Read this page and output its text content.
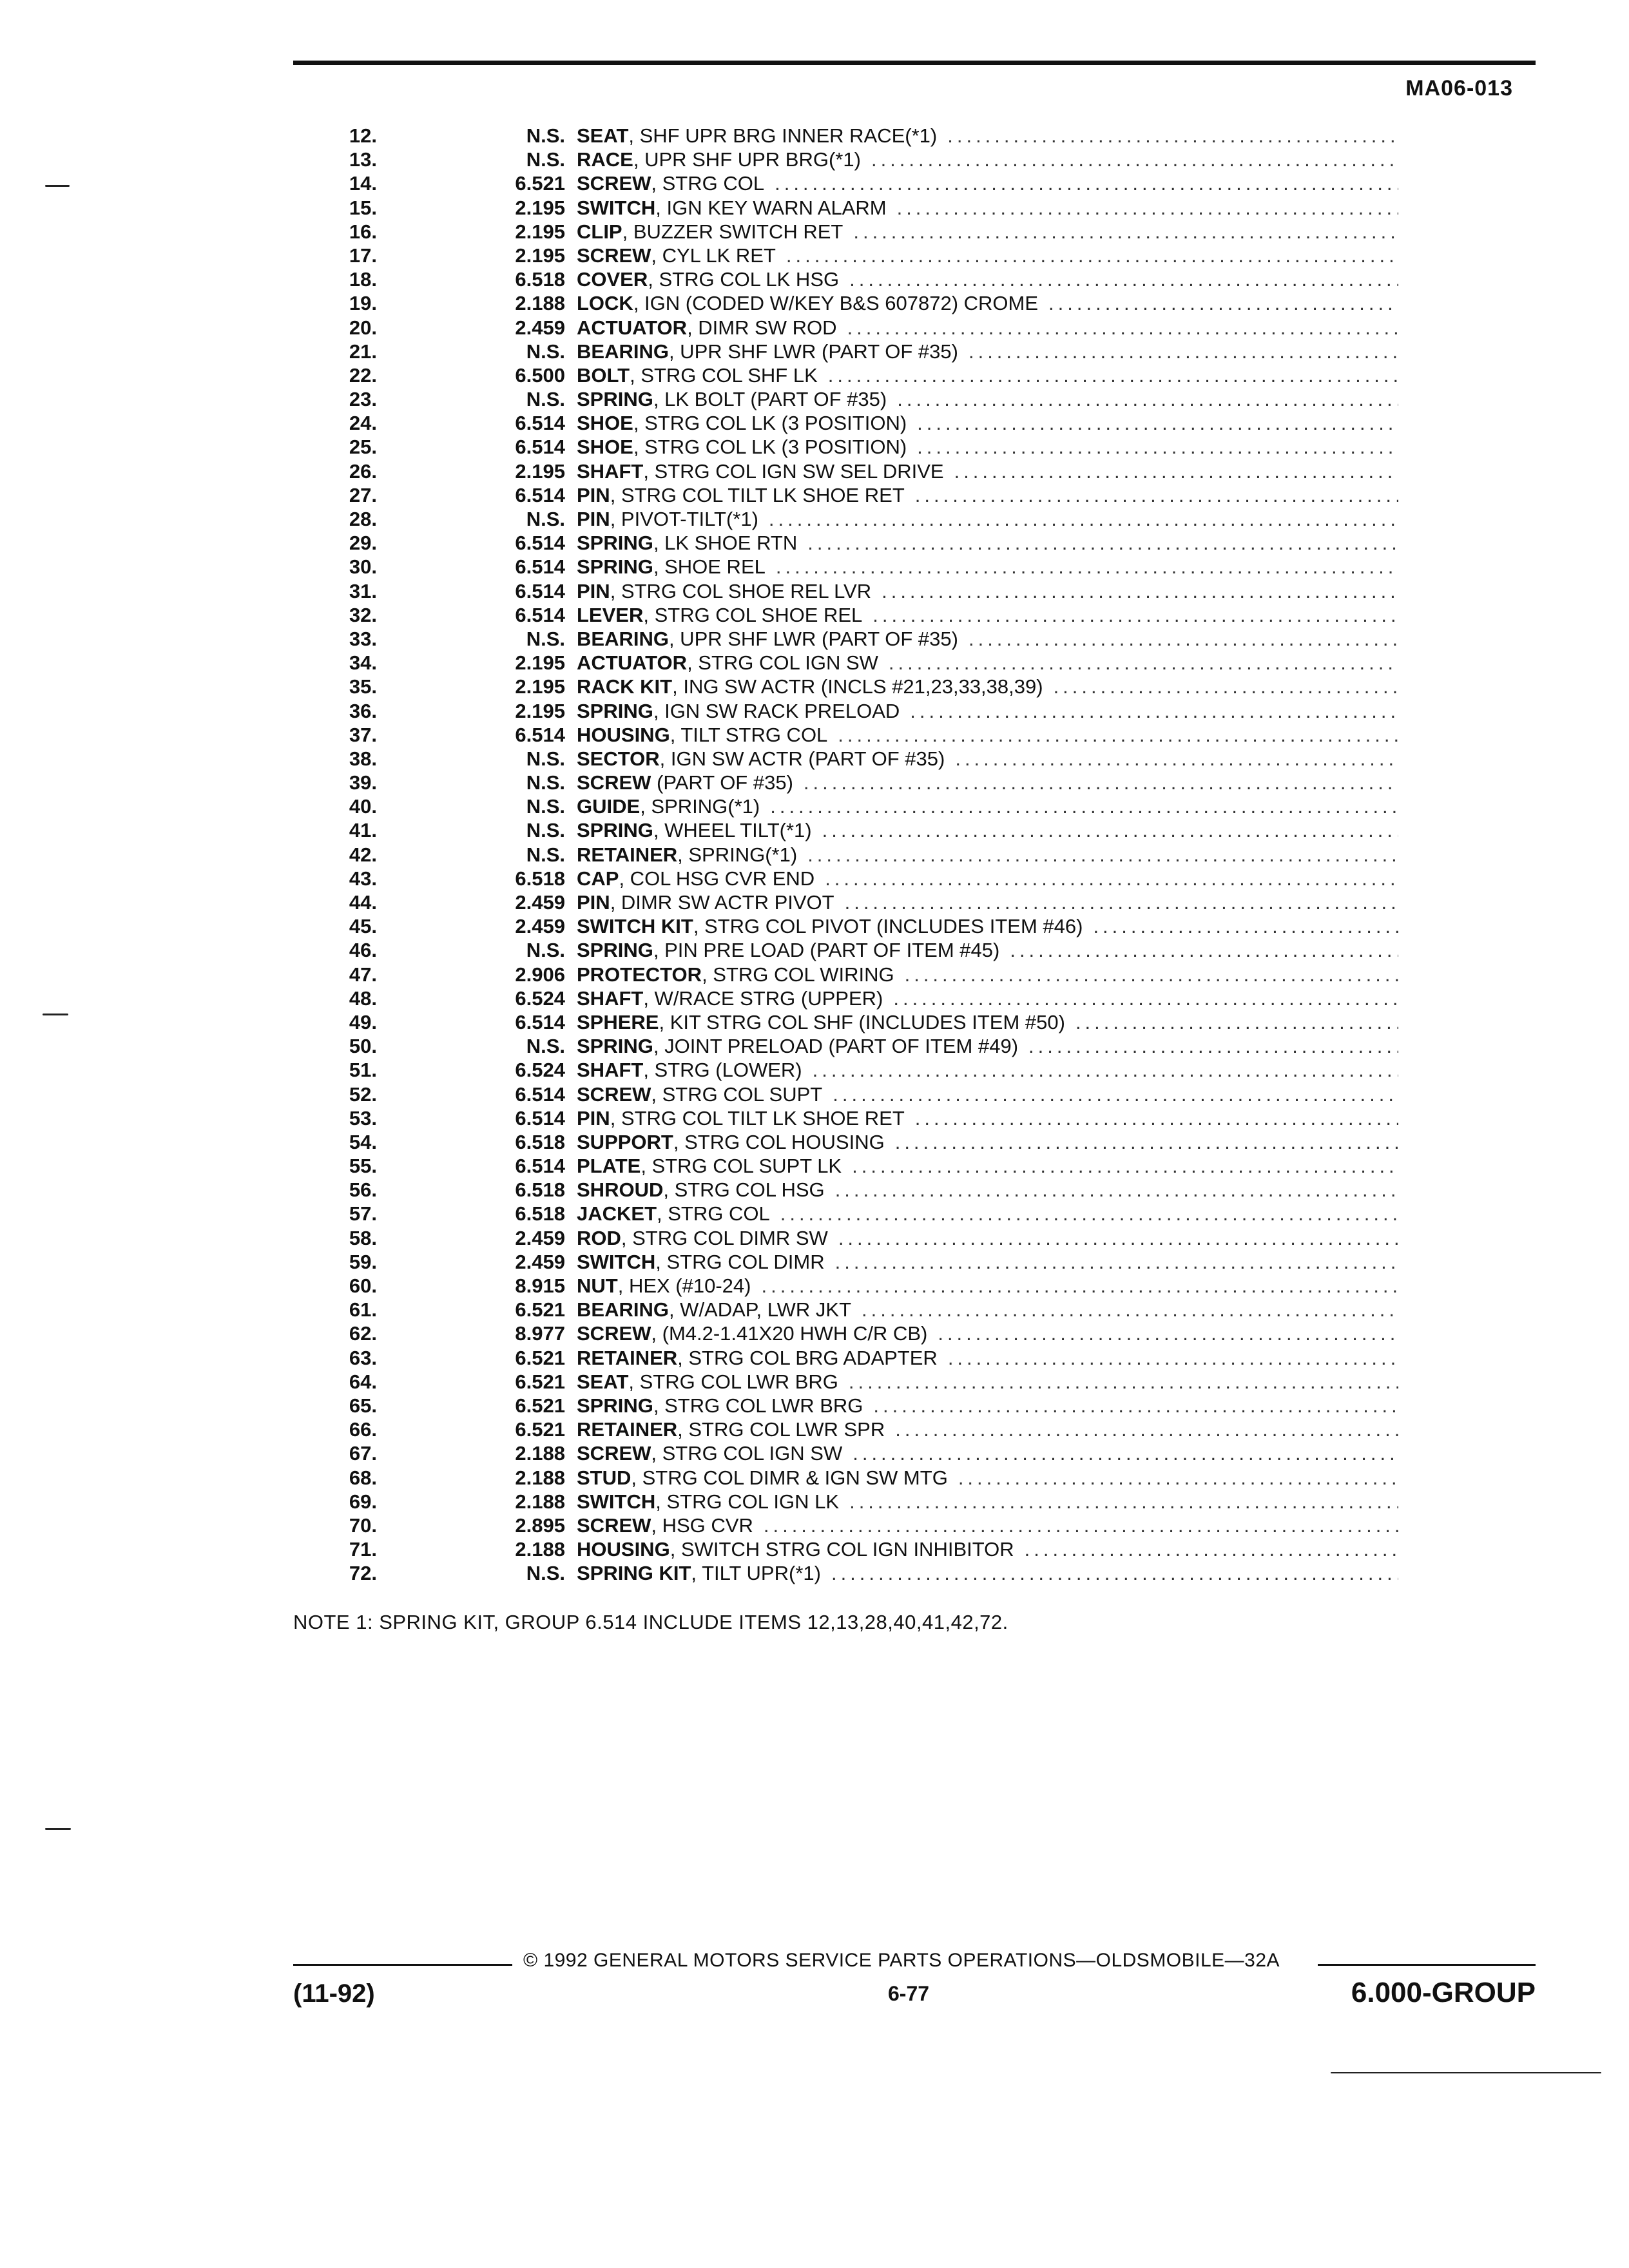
MA06-013
12.	N.S. SEAT , SHF UPR BRG INNER RACE(*1)
.....
13.	N.S. RACE , UPR SHF UPR BRG(*1)
.....
14.	6.521 SCREW , STRG COL
.....
15.	2.195 SWITCH , IGN KEY WARN ALARM
.....
16.	2.195 CLIP , BUZZER SWITCH RET
.....
17.	2.195 SCREW , CYL LK RET
.....
18.	6.518 COVER , STRG COL LK HSG
.....
19.	2.188 LOCK , IGN (CODED W/KEY B&S 607872) CROME
.....
20.	2.459 ACTUATOR , DIMR SW ROD
.....
21.	N.S. BEARING , UPR SHF LWR (PART OF #35)
.....
22.	6.500 BOLT , STRG COL SHF LK
.....
23.	N.S. SPRING , LK BOLT (PART OF #35)
.....
24.	6.514 SHOE , STRG COL LK (3 POSITION)
.....
25.	6.514 SHOE , STRG COL LK (3 POSITION)
.....
26.	2.195 SHAFT , STRG COL IGN SW SEL DRIVE
.....
27.	6.514 PIN , STRG COL TILT LK SHOE RET
.....
28.	N.S. PIN , PIVOT-TILT(*1)
.....
29.	6.514 SPRING , LK SHOE RTN
.....
30.	6.514 SPRING , SHOE REL
.....
31.	6.514 PIN , STRG COL SHOE REL LVR
.....
32.	6.514 LEVER , STRG COL SHOE REL
.....
33.	N.S. BEARING , UPR SHF LWR (PART OF #35)
.....
34.	2.195 ACTUATOR , STRG COL IGN SW
.....
35.	2.195 RACK KIT , ING SW ACTR (INCLS #21,23,33,38,39)
.....
36.	2.195 SPRING , IGN SW RACK PRELOAD
.....
37.	6.514 HOUSING , TILT STRG COL
.....
38.	N.S. SECTOR , IGN SW ACTR (PART OF #35)
.....
39.	N.S. SCREW (PART OF #35)
.....
40.	N.S. GUIDE , SPRING(*1)
.....
41.	N.S. SPRING , WHEEL TILT(*1)
.....
42.	N.S. RETAINER , SPRING(*1)
.....
43.	6.518 CAP , COL HSG CVR END
.....
44.	2.459 PIN , DIMR SW ACTR PIVOT
.....
45.	2.459 SWITCH KIT , STRG COL PIVOT (INCLUDES ITEM #46)
.....
46.	N.S. SPRING , PIN PRE LOAD (PART OF ITEM #45)
.....
47.	2.906 PROTECTOR , STRG COL WIRING
.....
48.	6.524 SHAFT , W/RACE STRG (UPPER)
.....
49.	6.514 SPHERE , KIT STRG COL SHF (INCLUDES ITEM #50)
.....
50.	N.S. SPRING , JOINT PRELOAD (PART OF ITEM #49)
.....
51.	6.524 SHAFT , STRG (LOWER)
.....
52.	6.514 SCREW , STRG COL SUPT
.....
53.	6.514 PIN , STRG COL TILT LK SHOE RET
.....
54.	6.518 SUPPORT , STRG COL HOUSING
.....
55.	6.514 PLATE , STRG COL SUPT LK
.....
56.	6.518 SHROUD , STRG COL HSG
.....
57.	6.518 JACKET , STRG COL
.....
58.	2.459 ROD , STRG COL DIMR SW
.....
59.	2.459 SWITCH , STRG COL DIMR
.....
60.	8.915 NUT , HEX (#10-24)
.....
61.	6.521 BEARING , W/ADAP, LWR JKT
.....
62.	8.977 SCREW , (M4.2-1.41X20 HWH C/R CB)
.....
63.	6.521 RETAINER , STRG COL BRG ADAPTER
.....
64.	6.521 SEAT , STRG COL LWR BRG
.....
65.	6.521 SPRING , STRG COL LWR BRG
.....
66.	6.521 RETAINER , STRG COL LWR SPR
.....
67.	2.188 SCREW , STRG COL IGN SW
.....
68.	2.188 STUD , STRG COL DIMR & IGN SW MTG
.....
69.	2.188 SWITCH , STRG COL IGN LK
.....
70.	2.895 SCREW , HSG CVR
.....
71.	2.188 HOUSING , SWITCH STRG COL IGN INHIBITOR
.....
72.	N.S. SPRING KIT , TILT UPR(*1)
.....
NOTE 1: SPRING KIT, GROUP 6.514 INCLUDE ITEMS 12,13,28,40,41,42,72.
© 1992 GENERAL MOTORS SERVICE PARTS OPERATIONS—OLDSMOBILE—32A
(11-92)	6-77	6.000-GROUP
